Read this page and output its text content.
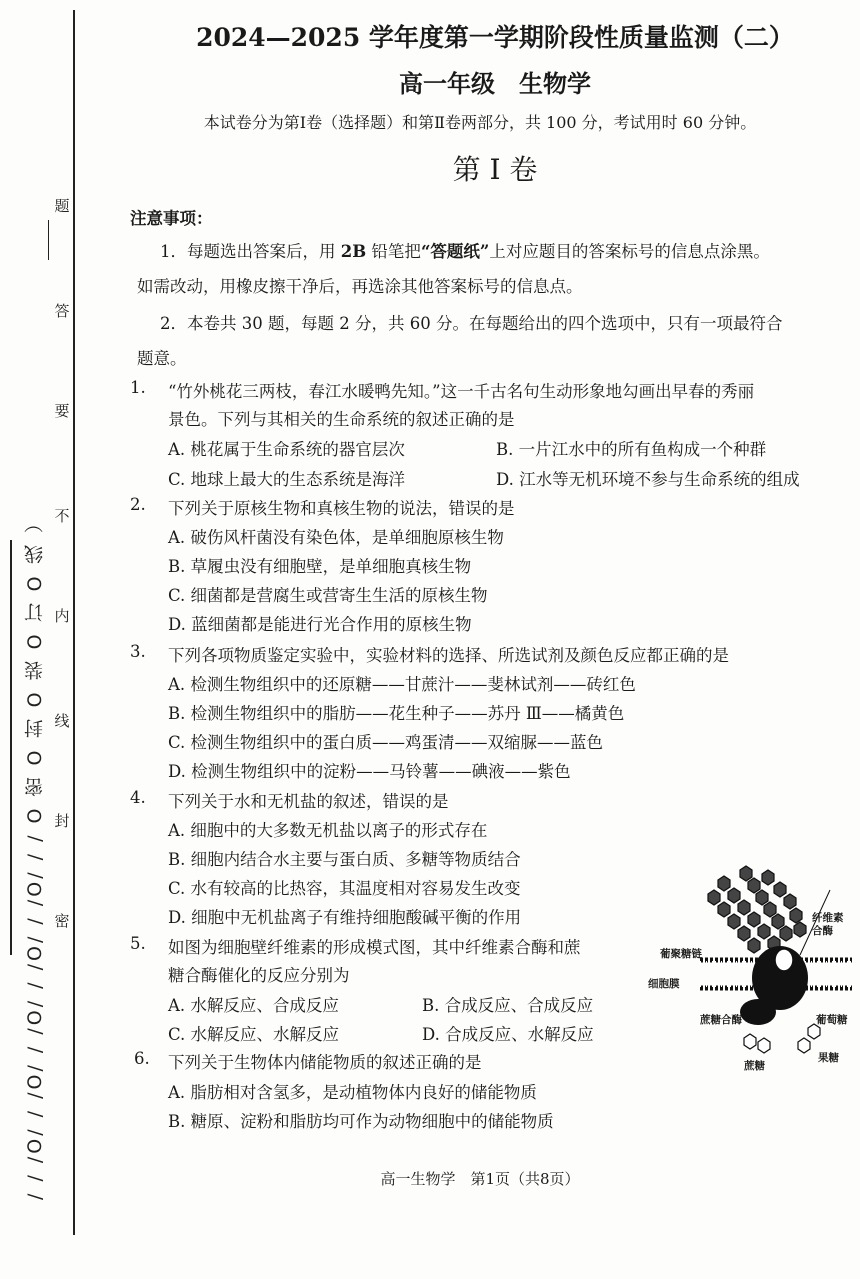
题
答
要
不
内
线
封
密
/ / /O/ / /O/ / /O/ / /O/ / /O/ / / O 密 O 封 O 装 O 订 O 线 ）
2024—2025 学年度第一学期阶段性质量监测（二）
高一年级　生物学
本试卷分为第Ⅰ卷（选择题）和第Ⅱ卷两部分，共 100 分，考试用时 60 分钟。
第 Ⅰ 卷
注意事项：
1．每题选出答案后，用 2B 铅笔把“答题纸”上对应题目的答案标号的信息点涂黑。
如需改动，用橡皮擦干净后，再选涂其他答案标号的信息点。
2．本卷共 30 题，每题 2 分，共 60 分。在每题给出的四个选项中，只有一项最符合
题意。
1. “竹外桃花三两枝，春江水暖鸭先知。”这一千古名句生动形象地勾画出早春的秀丽
景色。下列与其相关的生命系统的叙述正确的是
A. 桃花属于生命系统的器官层次	B. 一片江水中的所有鱼构成一个种群
C. 地球上最大的生态系统是海洋	D. 江水等无机环境不参与生命系统的组成
2. 下列关于原核生物和真核生物的说法，错误的是
A. 破伤风杆菌没有染色体，是单细胞原核生物
B. 草履虫没有细胞壁，是单细胞真核生物
C. 细菌都是营腐生或营寄生生活的原核生物
D. 蓝细菌都是能进行光合作用的原核生物
3. 下列各项物质鉴定实验中，实验材料的选择、所选试剂及颜色反应都正确的是
A. 检测生物组织中的还原糖——甘蔗汁——斐林试剂——砖红色
B. 检测生物组织中的脂肪——花生种子——苏丹 Ⅲ——橘黄色
C. 检测生物组织中的蛋白质——鸡蛋清——双缩脲——蓝色
D. 检测生物组织中的淀粉——马铃薯——碘液——紫色
4. 下列关于水和无机盐的叙述，错误的是
A. 细胞中的大多数无机盐以离子的形式存在
B. 细胞内结合水主要与蛋白质、多糖等物质结合
C. 水有较高的比热容，其温度相对容易发生改变
D. 细胞中无机盐离子有维持细胞酸碱平衡的作用
5. 如图为细胞壁纤维素的形成模式图，其中纤维素合酶和蔗
糖合酶催化的反应分别为
A. 水解反应、合成反应	B. 合成反应、合成反应
C. 水解反应、水解反应	D. 合成反应、水解反应
6. 下列关于生物体内储能物质的叙述正确的是
A. 脂肪相对含氢多，是动植物体内良好的储能物质
B. 糖原、淀粉和脂肪均可作为动物细胞中的储能物质
纤维素合酶
葡聚糖链
细胞膜
蔗糖合酶	葡萄糖
果糖
蔗糖
高一生物学　第1页（共8页）
